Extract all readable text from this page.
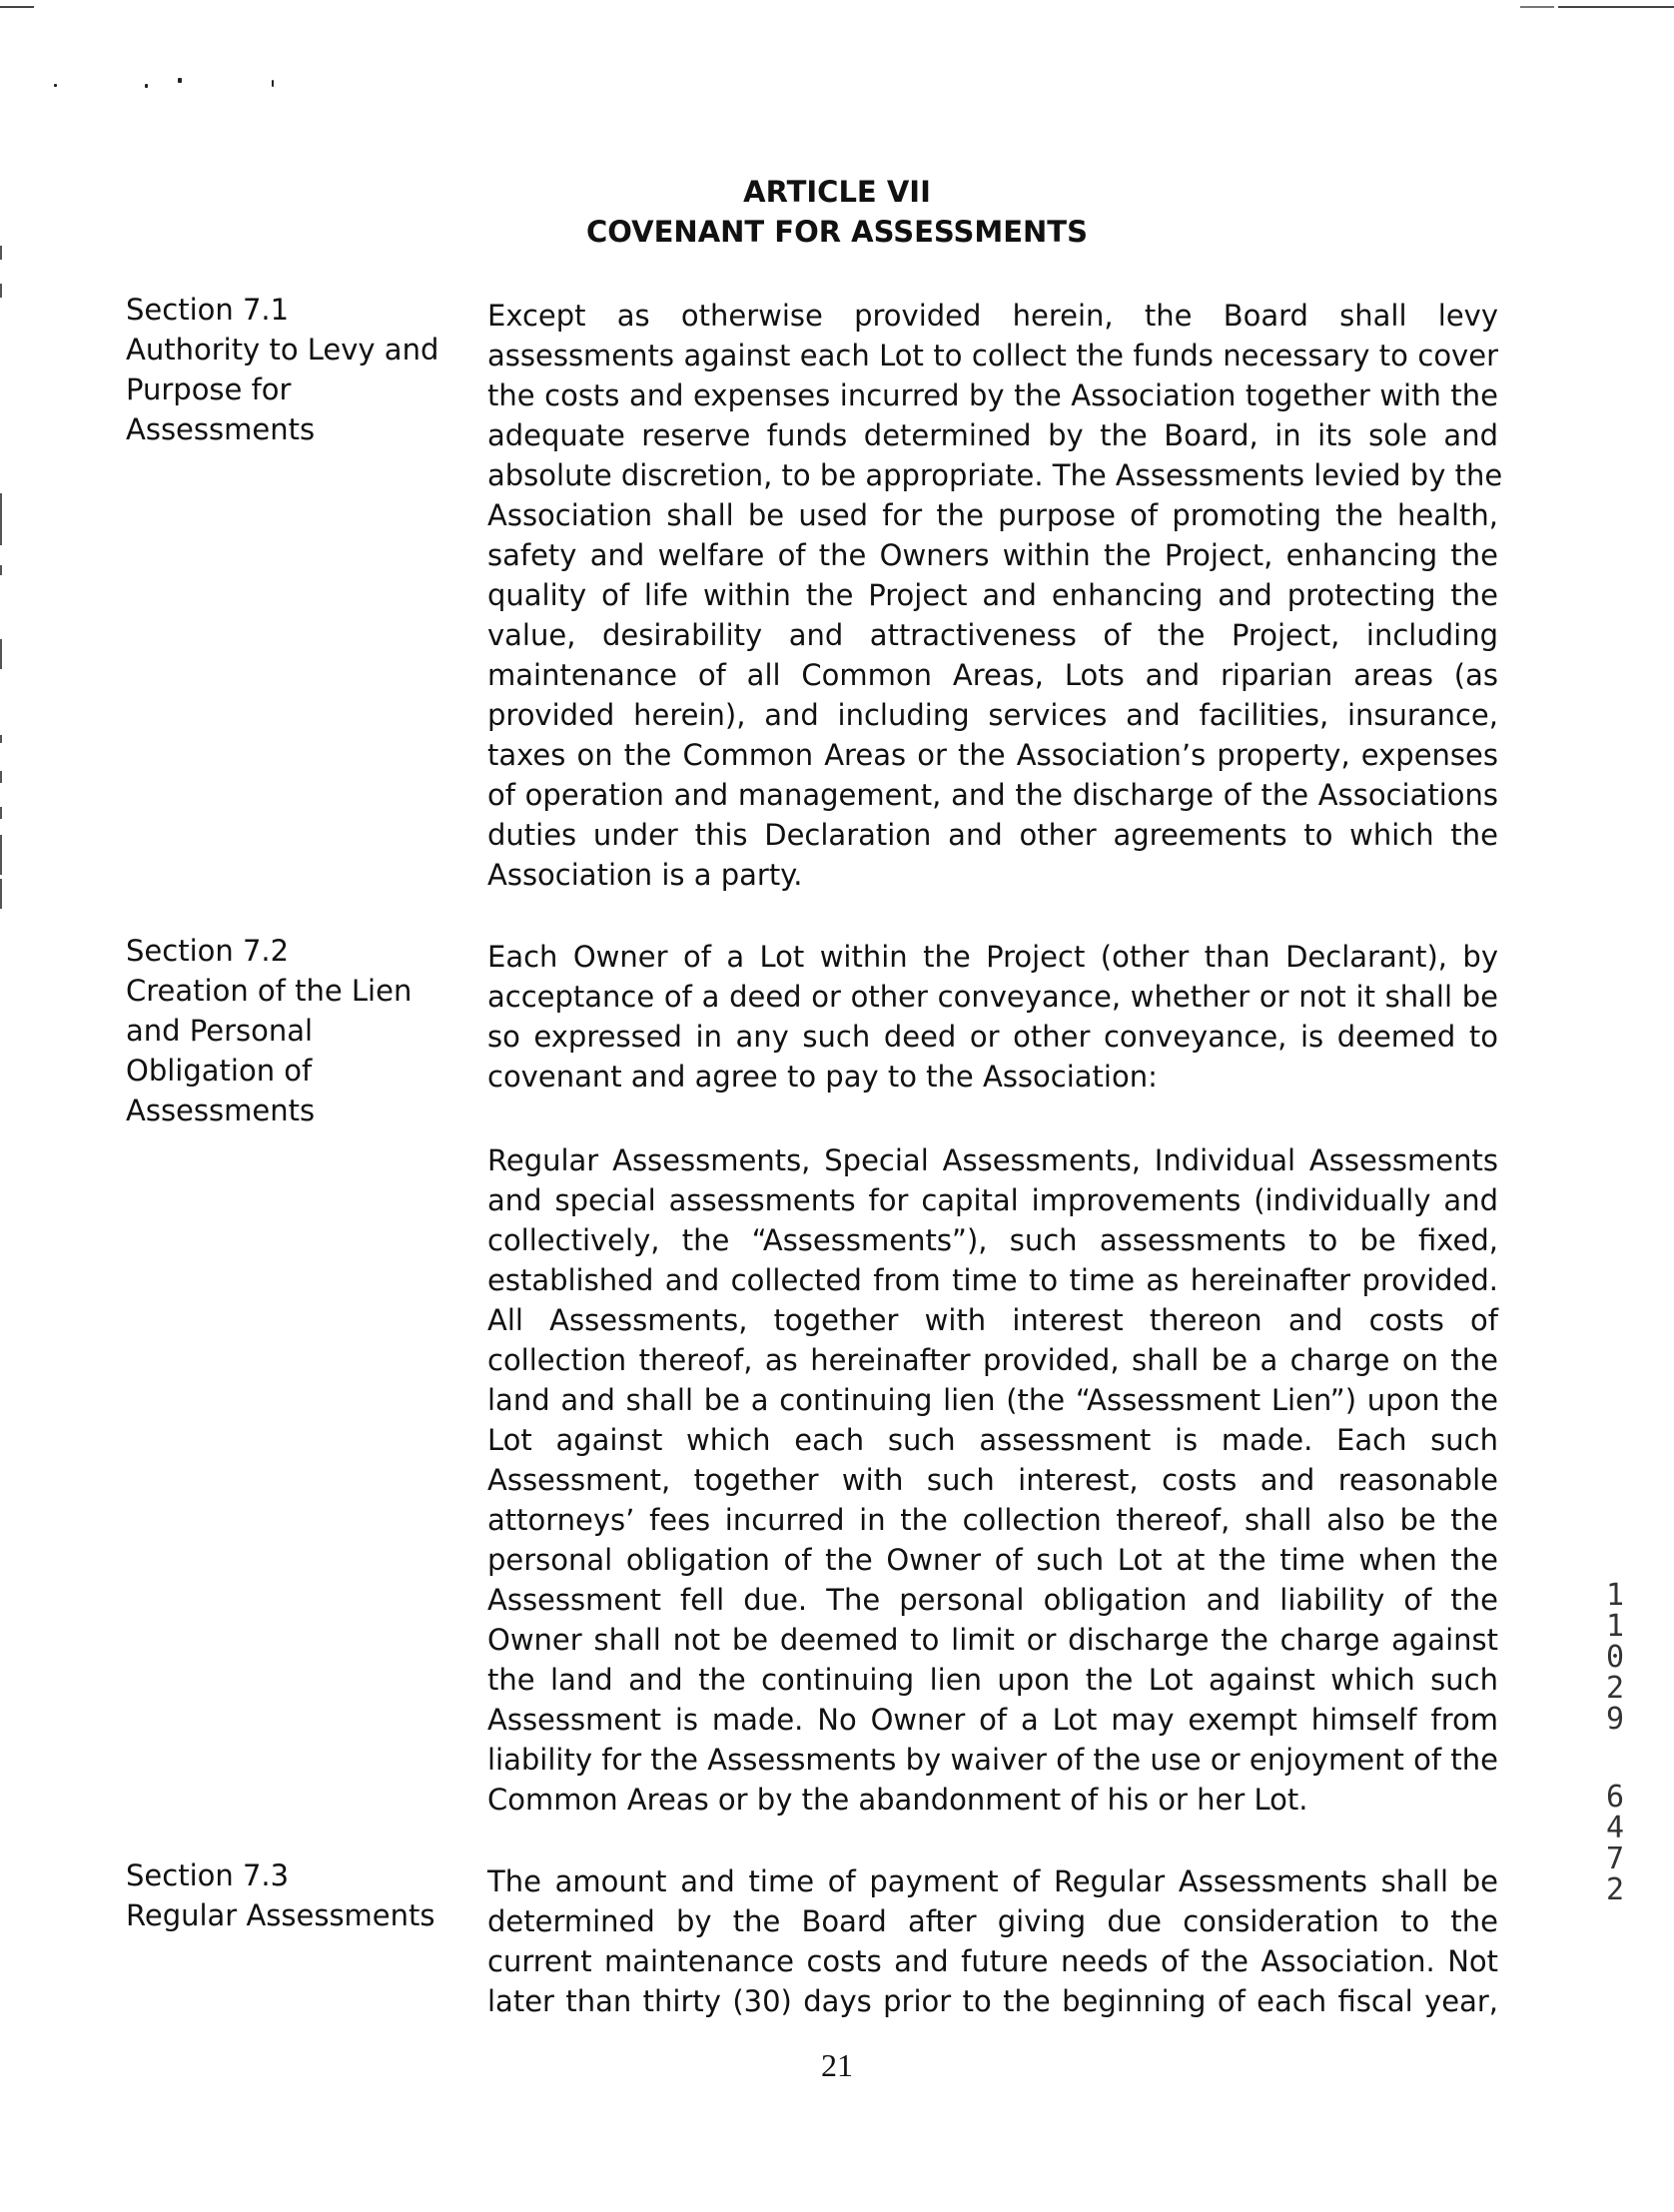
ARTICLE VII
COVENANT FOR ASSESSMENTS
Section 7.1
Authority to Levy and
Purpose for
Assessments
Except as otherwise provided herein, the Board shall levy
assessments against each Lot to collect the funds necessary to cover
the costs and expenses incurred by the Association together with the
adequate reserve funds determined by the Board, in its sole and
absolute discretion, to be appropriate. The Assessments levied by the
Association shall be used for the purpose of promoting the health,
safety and welfare of the Owners within the Project, enhancing the
quality of life within the Project and enhancing and protecting the
value, desirability and attractiveness of the Project, including
maintenance of all Common Areas, Lots and riparian areas (as
provided herein), and including services and facilities, insurance,
taxes on the Common Areas or the Association’s property, expenses
of operation and management, and the discharge of the Associations
duties under this Declaration and other agreements to which the
Association is a party.
Section 7.2
Creation of the Lien
and Personal
Obligation of
Assessments
Each Owner of a Lot within the Project (other than Declarant), by
acceptance of a deed or other conveyance, whether or not it shall be
so expressed in any such deed or other conveyance, is deemed to
covenant and agree to pay to the Association:
Regular Assessments, Special Assessments, Individual Assessments
and special assessments for capital improvements (individually and
collectively, the “Assessments”), such assessments to be fixed,
established and collected from time to time as hereinafter provided.
All Assessments, together with interest thereon and costs of
collection thereof, as hereinafter provided, shall be a charge on the
land and shall be a continuing lien (the “Assessment Lien”) upon the
Lot against which each such assessment is made. Each such
Assessment, together with such interest, costs and reasonable
attorneys’ fees incurred in the collection thereof, shall also be the
personal obligation of the Owner of such Lot at the time when the
Assessment fell due. The personal obligation and liability of the
Owner shall not be deemed to limit or discharge the charge against
the land and the continuing lien upon the Lot against which such
Assessment is made. No Owner of a Lot may exempt himself from
liability for the Assessments by waiver of the use or enjoyment of the
Common Areas or by the abandonment of his or her Lot.
Section 7.3
Regular Assessments
The amount and time of payment of Regular Assessments shall be
determined by the Board after giving due consideration to the
current maintenance costs and future needs of the Association. Not
later than thirty (30) days prior to the beginning of each fiscal year,
1
1
0
2
9
6
4
7
2
21
